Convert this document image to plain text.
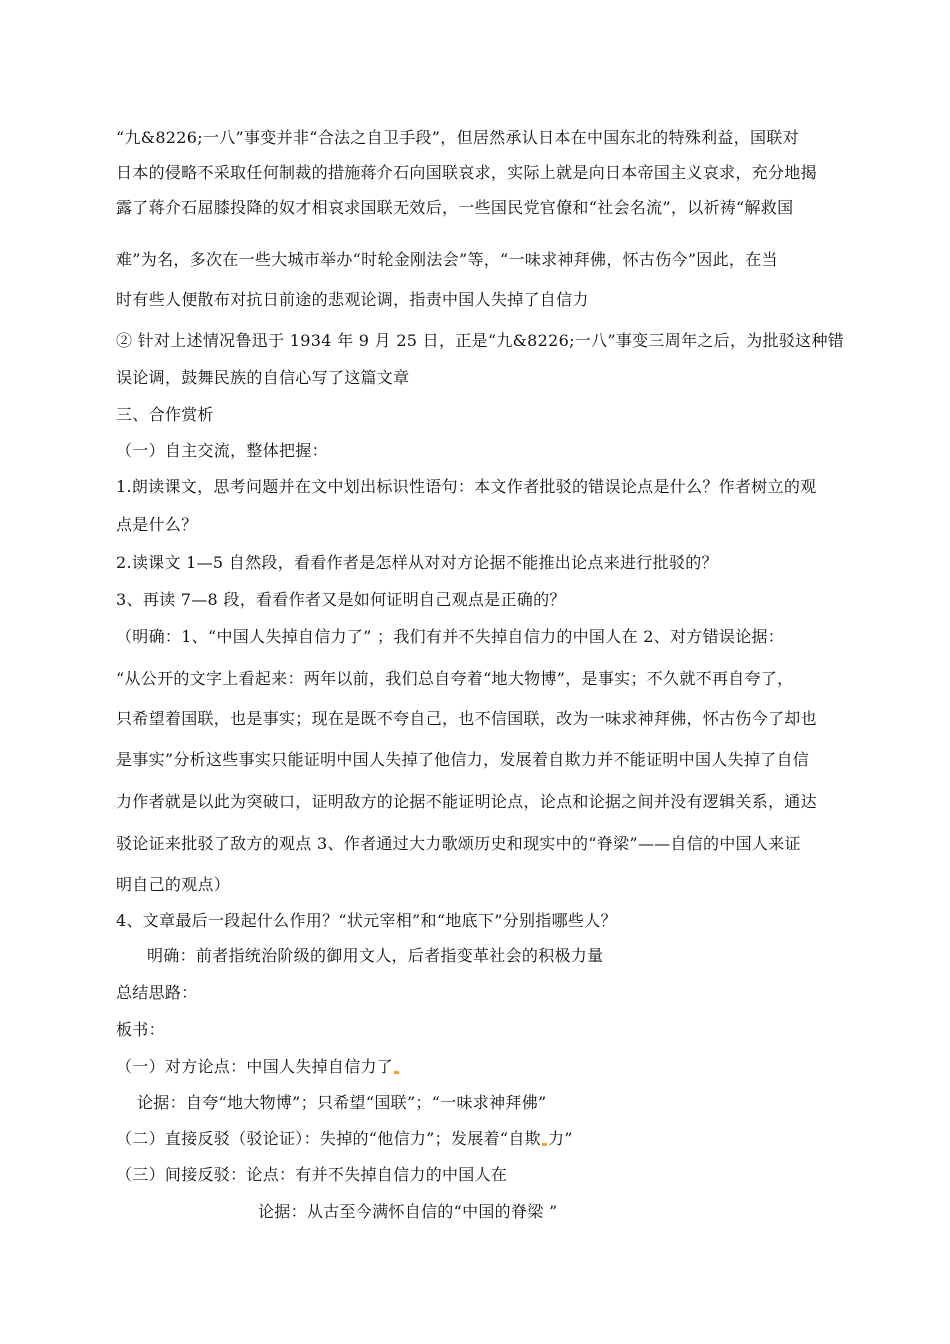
“九&8226;一八”事变并非“合法之自卫手段”，但居然承认日本在中国东北的特殊利益，国联对
日本的侵略不采取任何制裁的措施蒋介石向国联哀求，实际上就是向日本帝国主义哀求，充分地揭
露了蒋介石屈膝投降的奴才相哀求国联无效后，一些国民党官僚和“社会名流”，以祈祷“解救国
难”为名，多次在一些大城市举办“时轮金刚法会”等，“一味求神拜佛，怀古伤今”因此，在当
时有些人便散布对抗日前途的悲观论调，指责中国人失掉了自信力
② 针对上述情况鲁迅于 1934 年 9 月 25 日，正是“九&8226;一八”事变三周年之后，为批驳这种错
误论调，鼓舞民族的自信心写了这篇文章
三、合作赏析
（一）自主交流，整体把握：
1.朗读课文，思考问题并在文中划出标识性语句：本文作者批驳的错误论点是什么？作者树立的观
点是什么？
2.读课文 1—5 自然段，看看作者是怎样从对对方论据不能推出论点来进行批驳的？
3、再读 7—8 段，看看作者又是如何证明自己观点是正确的？
（明确：1、“中国人失掉自信力了” ；我们有并不失掉自信力的中国人在 2、对方错误论据：
“从公开的文字上看起来：两年以前，我们总自夸着“地大物博”，是事实；不久就不再自夸了，
只希望着国联，也是事实；现在是既不夸自己，也不信国联，改为一味求神拜佛，怀古伤今了却也
是事实”分析这些事实只能证明中国人失掉了他信力，发展着自欺力并不能证明中国人失掉了自信
力作者就是以此为突破口，证明敌方的论据不能证明论点，论点和论据之间并没有逻辑关系，通达
驳论证来批驳了敌方的观点 3、作者通过大力歌颂历史和现实中的“脊梁”——自信的中国人来证
明自己的观点）
4、文章最后一段起什么作用？“状元宰相”和“地底下”分别指哪些人？
明确：前者指统治阶级的御用文人，后者指变革社会的积极力量
总结思路：
板书：
（一）对方论点：中国人失掉自信力了
论据：自夸“地大物博”；只希望“国联”；“一味求神拜佛”
（二）直接反驳（驳论证）：失掉的“他信力”；发展着“自欺 力”
（三）间接反驳：论点：有并不失掉自信力的中国人在
论据：从古至今满怀自信的“中国的脊梁 ”
